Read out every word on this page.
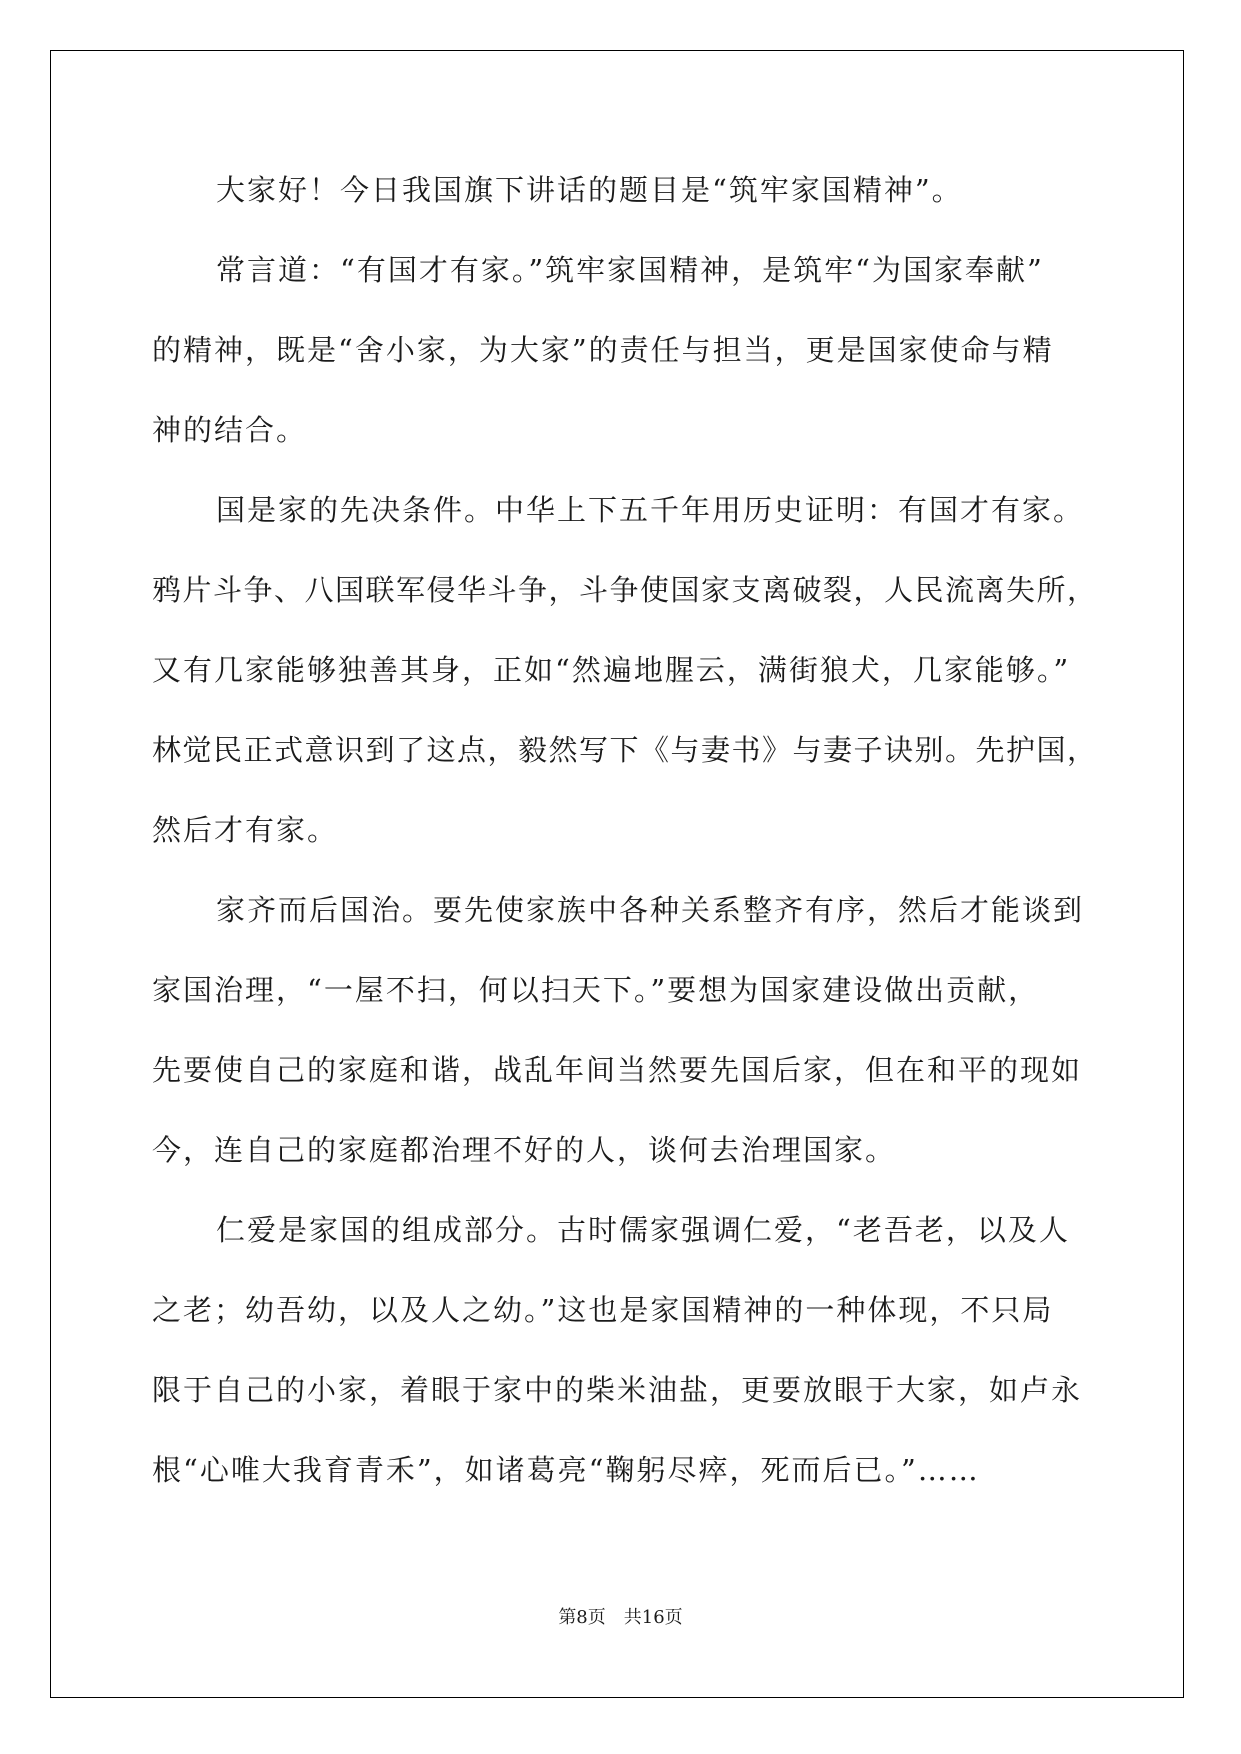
大家好！今日我国旗下讲话的题目是“筑牢家国精神”。
常言道：“有国才有家。”筑牢家国精神，是筑牢“为国家奉献”
的精神，既是“舍小家，为大家”的责任与担当，更是国家使命与精
神的结合。
国是家的先决条件。中华上下五千年用历史证明：有国才有家。
鸦片斗争、八国联军侵华斗争，斗争使国家支离破裂，人民流离失所，
又有几家能够独善其身，正如“然遍地腥云，满街狼犬，几家能够。”
林觉民正式意识到了这点，毅然写下《与妻书》与妻子诀别。先护国，
然后才有家。
家齐而后国治。要先使家族中各种关系整齐有序，然后才能谈到
家国治理，“一屋不扫，何以扫天下。”要想为国家建设做出贡献，
先要使自己的家庭和谐，战乱年间当然要先国后家，但在和平的现如
今，连自己的家庭都治理不好的人，谈何去治理国家。
仁爱是家国的组成部分。古时儒家强调仁爱，“老吾老，以及人
之老；幼吾幼，以及人之幼。”这也是家国精神的一种体现，不只局
限于自己的小家，着眼于家中的柴米油盐，更要放眼于大家，如卢永
根“心唯大我育青禾”，如诸葛亮“鞠躬尽瘁，死而后已。”……
第8页　共16页
